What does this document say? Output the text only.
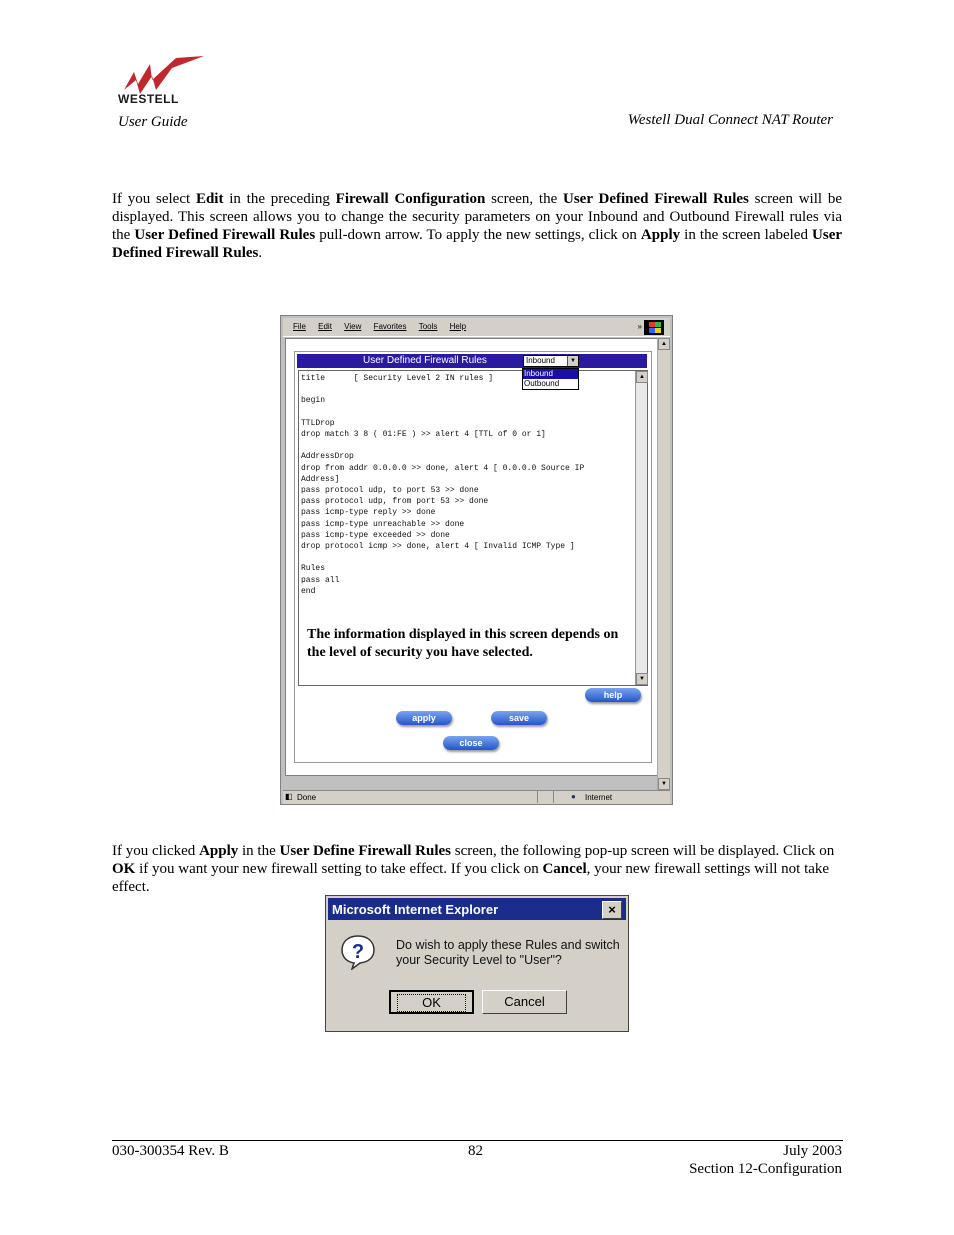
WESTELL
User Guide	Westell Dual Connect NAT Router
If you select Edit in the preceding Firewall Configuration screen, the User Defined Firewall Rules screen will be displayed. This screen allows you to change the security parameters on your Inbound and Outbound Firewall rules via the User Defined Firewall Rules pull-down arrow. To apply the new settings, click on Apply in the screen labeled User Defined Firewall Rules.
File Edit View Favorites Tools Help	»
User Defined Firewall Rules	Inbound	▼
Inbound
Outbound
title      [ Security Level 2 IN rules ]

begin

TTLDrop
drop match 3 8 ( 01:FE ) >> alert 4 [TTL of 0 or 1]

AddressDrop
drop from addr 0.0.0.0 >> done, alert 4 [ 0.0.0.0 Source IP
Address]
pass protocol udp, to port 53 >> done
pass protocol udp, from port 53 >> done
pass icmp-type reply >> done
pass icmp-type unreachable >> done
pass icmp-type exceeded >> done
drop protocol icmp >> done, alert 4 [ Invalid ICMP Type ]

Rules
pass all
end
▲
▼
The information displayed in this screen depends on the level of security you have selected.
help
apply	save
close
▲
▼
◧ Done	● Internet
If you clicked Apply in the User Define Firewall Rules screen, the following pop-up screen will be displayed. Click on OK if you want your new firewall setting to take effect. If you click on Cancel, your new firewall settings will not take effect.
Microsoft Internet Explorer	×
?	Do wish to apply these Rules and switch your Security Level to "User"?
OK	Cancel
030-300354 Rev. B	82	July 2003
Section 12-Configuration
